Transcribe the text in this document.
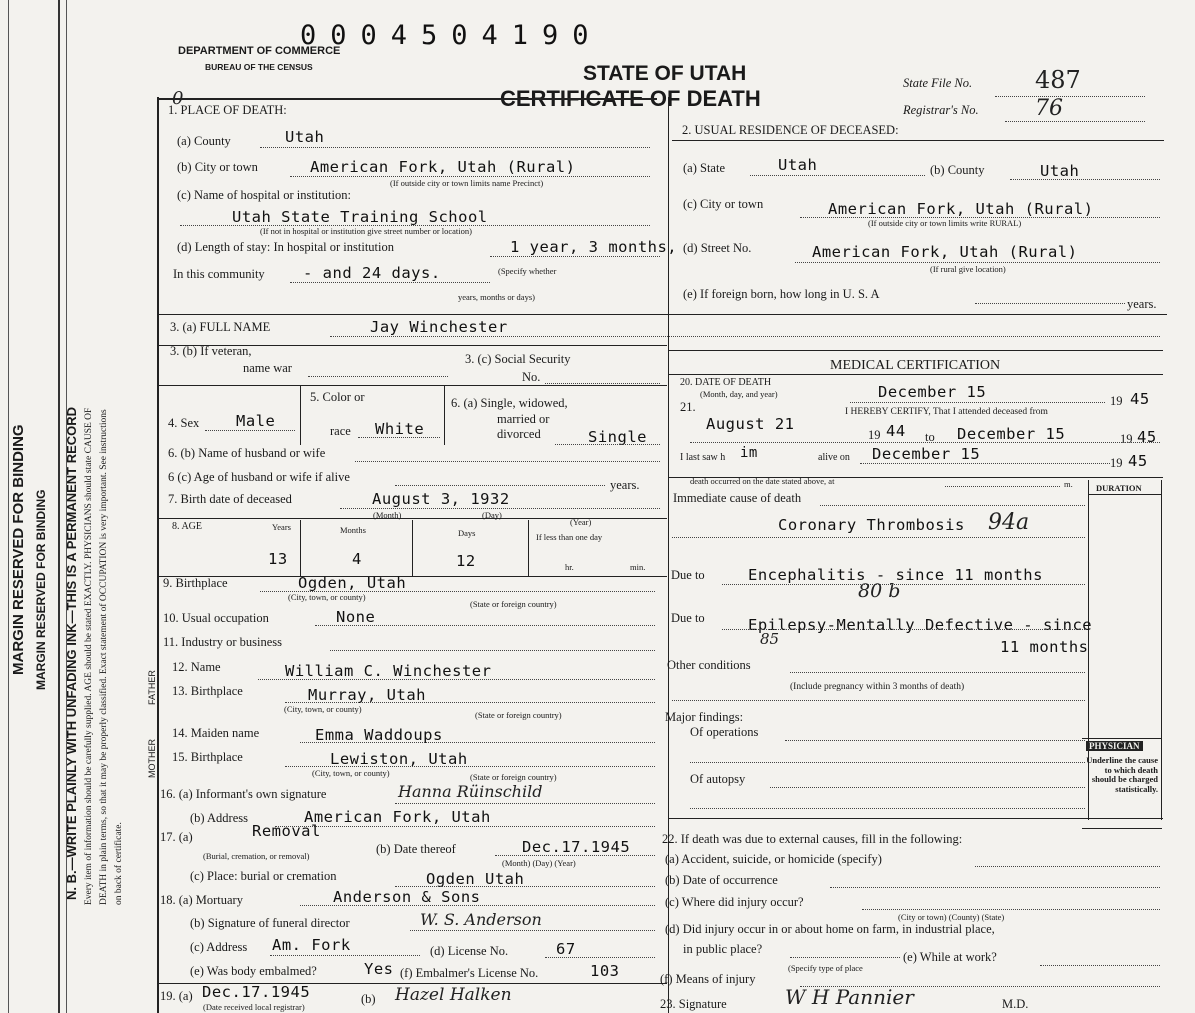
MARGIN RESERVED FOR BINDING MARGIN RESERVED FOR BINDING N. B.—WRITE PLAINLY WITH UNFADING INK—THIS IS A PERMANENT RECORD Every item of information should be carefully supplied. AGE should be stated EXACTLY. PHYSICIANS should state CAUSE OF DEATH in plain terms, so that it may be properly classified. Exact statement of OCCUPATION is very important. See instructions on back of certificate.
DEPARTMENT OF COMMERCE
BUREAU OF THE CENSUS
0004504190
0
STATE OF UTAH
CERTIFICATE OF DEATH
State File No.	487
Registrar's No.	76
1. PLACE OF DEATH:
(a) County	Utah
(b) City or town	American Fork, Utah (Rural)
(If outside city or town limits name Precinct)
(c) Name of hospital or institution:
Utah State Training School
(If not in hospital or institution give street number or location)
(d) Length of stay: In hospital or institution	1 year, 3 months,
In this community - and 24 days.	(Specify whether
years, months or days)
2. USUAL RESIDENCE OF DECEASED:
(a) State	Utah	(b) County	Utah
(c) City or town	American Fork, Utah (Rural)
(If outside city or town limits write RURAL)
(d) Street No.	American Fork, Utah (Rural)
(If rural give location)
(e) If foreign born, how long in U. S. A
years.
3. (a) FULL NAME	Jay Winchester
3. (b) If veteran,
name war
3. (c) Social Security
No.
4. Sex Male
5. Color or
race White
6. (a) Single, widowed,
married or
divorced	Single
6. (b) Name of husband or wife
6 (c) Age of husband or wife if alive
years.
7. Birth date of deceased	August 3, 1932
(Month)	(Day)
(Year)
8. AGE	Years	Months	Days	If less than one day
13	4	12	hr.	min.
9. Birthplace	Ogden, Utah
(City, town, or county)
(State or foreign country)
10. Usual occupation	None
11. Industry or business
FATHER
MOTHER
12. Name	William C. Winchester
13. Birthplace	Murray, Utah
(City, town, or county)
(State or foreign country)
14. Maiden name	Emma Waddoups
15. Birthplace	Lewiston, Utah
(City, town, or county)	(State or foreign country)
16. (a) Informant's own signature	Hanna Rüinschild
(b) Address	American Fork, Utah
17. (a)	Removal
(Burial, cremation, or removal)	(b) Date thereof	Dec.17.1945
(Month) (Day) (Year)
(c) Place: burial or cremation	Ogden Utah
18. (a) Mortuary	Anderson & Sons
(b) Signature of funeral director	W. S. Anderson
(c) Address Am. Fork	(d) License No.	67
(e) Was body embalmed?	Yes (f) Embalmer's License No.	103
19. (a) Dec.17.1945
(Date received local registrar)
(b) Hazel Halken
MEDICAL CERTIFICATION
20. DATE OF DEATH
(Month, day, and year)	December 15	19 45
21.	I HEREBY CERTIFY, That I attended deceased from
August 21
19 44 to December 15	19 45
I last saw h im	alive on December 15	19 45
death occurred on the date stated above, at	m.	DURATION
Immediate cause of death
Coronary Thrombosis 94a
Due to	Encephalitis - since 11 months
80 b
Due to	Epilepsy-Mentally Defective - since
85	11 months
Other conditions
(Include pregnancy within 3 months of death)
Major findings:
Of operations
Of autopsy
PHYSICIAN
Underline the cause to which death should be charged statistically.
22. If death was due to external causes, fill in the following:
(a) Accident, suicide, or homicide (specify)
(b) Date of occurrence
(c) Where did injury occur?
(City or town) (County) (State)
(d) Did injury occur in or about home on farm, in industrial place,
in public place?
(Specify type of place
(e) While at work?
(f) Means of injury
23. Signature	W H Pannier	M.D.
